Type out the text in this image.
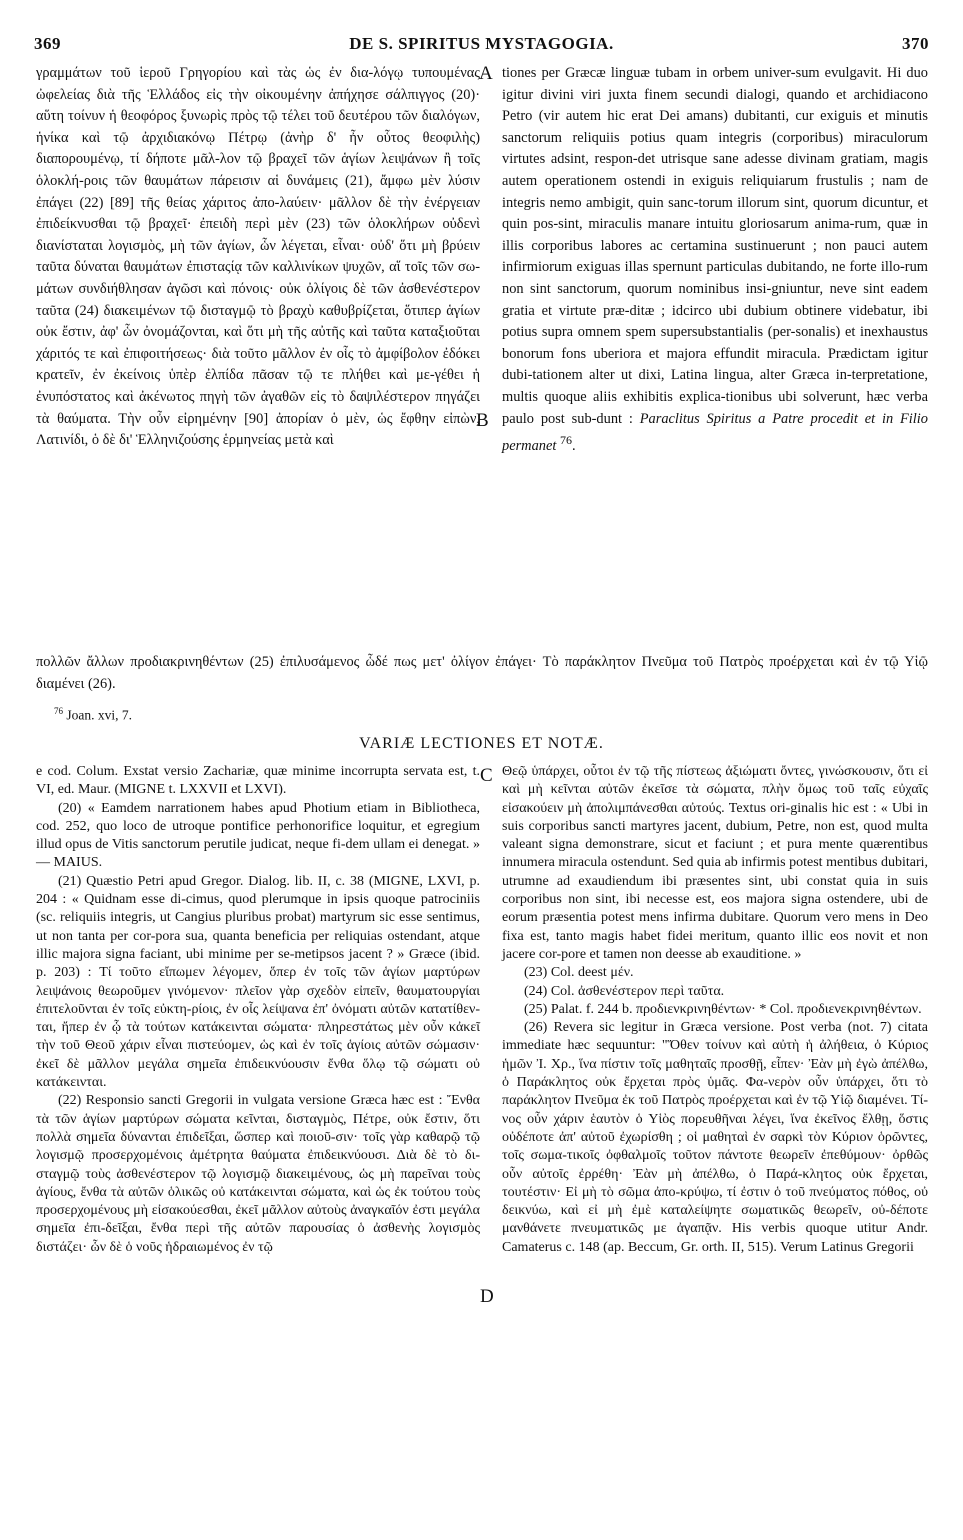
369	DE S. SPIRITUS MYSTAGOGIA.	370

γραμμάτων τοῦ ἱεροῦ Γρηγορίου καὶ τὰς ὡς ἐν δια-λόγῳ τυπουμένας ὠφελείας διὰ τῆς Ἑλλάδος εἰς τὴν οἰκουμένην ἀπήχησε σάλπιγγος (20)· αὕτη τοίνυν ἡ θεοφόρος ξυνωρὶς πρὸς τῷ τέλει τοῦ δευτέρου τῶν διαλόγων, ἡνίκα καὶ τῷ ἀρχιδιακόνῳ Πέτρῳ (ἀνὴρ δ' ἦν οὗτος θεοφιλὴς) διαπορουμένῳ, τί δήποτε μᾶλ-λον τῷ βραχεῖ τῶν ἁγίων λειψάνων ἢ τοῖς ὁλοκλή-ροις τῶν θαυμάτων πάρεισιν αἱ δυνάμεις (21), ἄμφω μὲν λύσιν ἐπάγει (22) [89] τῆς θείας χάριτος ἀπο-λαύειν· μᾶλλον δὲ τὴν ἐνέργειαν ἐπιδείκνυσθαι τῷ βραχεῖ· ἐπειδὴ περὶ μὲν (23) τῶν ὁλοκλήρων οὐδενὶ διανίσταται λογισμὸς, μὴ τῶν ἁγίων, ὧν λέγεται, εἶναι· οὐδ' ὅτι μὴ βρύειν ταῦτα δύναται θαυμάτων ἐπισταςίᾳ τῶν καλλινίκων ψυχῶν, αἵ τοῖς τῶν σω-μάτων συνδιήθλησαν ἀγῶσι καὶ πόνοις· οὐκ ὀλίγοις δὲ τῶν ἀσθενέστερον ταῦτα (24) διακειμένων τῷ δισταγμῷ τὸ βραχὺ καθυβρίζεται, ὅτιπερ ἁγίων οὐκ ἔστιν, ἀφ' ὧν ὀνομάζονται, καὶ ὅτι μὴ τῆς αὐτῆς καὶ ταῦτα καταξιοῦται χάριτός τε καὶ ἐπιφοιτήσεως· διὰ τοῦτο μᾶλλον ἐν οἷς τὸ ἀμφίβολον ἐδόκει κρατεῖν, ἐν ἐκείνοις ὑπὲρ ἐλπίδα πᾶσαν τῷ τε πλήθει καὶ με-γέθει ἡ ἐνυπόστατος καὶ ἀκένωτος πηγὴ τῶν ἀγαθῶν εἰς τὸ δαψιλέστερον πηγάζει τὰ θαύματα. Τὴν οὖν εἰρημένην [90] ἀπορίαν ὁ μὲν, ὡς ἔφθην εἰπὼν, Λατινίδι, ὁ δὲ δι' Ἑλληνιζούσης ἑρμηνείας μετὰ καὶ

A
B

tiones per Græcæ linguæ tubam in orbem univer-sum evulgavit. Hi duo igitur divini viri juxta finem secundi dialogi, quando et archidiacono Petro (vir autem hic erat Dei amans) dubitanti, cur exiguis et minutis sanctorum reliquiis potius quam integris (corporibus) miraculorum virtutes adsint, respon-det utrisque sane adesse divinam gratiam, magis autem operationem ostendi in exiguis reliquiarum frustulis ; nam de integris nemo ambigit, quin sanc-torum illorum sint, quorum dicuntur, et quin pos-sint, miraculis manare intuitu gloriosarum anima-rum, quæ in illis corporibus labores ac certamina sustinuerunt ; non pauci autem infirmiorum exiguas illas spernunt particulas dubitando, ne forte illo-rum non sint sanctorum, quorum nominibus insi-gniuntur, neve sint eadem gratia et virtute præ-ditæ ; idcirco ubi dubium obtinere videbatur, ibi potius supra omnem spem supersubstantialis (per-sonalis) et inexhaustus bonorum fons uberiora et majora effundit miracula. Prædictam igitur dubi-tationem alter ut dixi, Latina lingua, alter Græca in-terpretatione, multis quoque aliis exhibitis explica-tionibus ubi solverunt, hæc verba paulo post sub-dunt : Paraclitus Spiritus a Patre procedit et in Filio permanet $^{76}$.

πολλῶν ἄλλων προδιακρινηθέντων (25) ἐπιλυσάμενος ὧδέ πως μετ' ὀλίγον ἐπάγει· Τὸ παράκλητον Πνεῦμα τοῦ Πατρὸς προέρχεται καὶ ἐν τῷ Υἱῷ διαμένει (26).
$^{76}$ Joan. xvi, 7.
VARIÆ LECTIONES ET NOTÆ.
C
D

e cod. Colum. Exstat versio Zachariæ, quæ minime incorrupta servata est, t. VI, ed. Maur. (MIGNE t. LXXVII et LXVI).

(20) « Eamdem narrationem habes apud Photium etiam in Bibliotheca, cod. 252, quo loco de utroque pontifice perhonorifice loquitur, et egregium illud opus de Vitis sanctorum perutile judicat, neque fi-dem ullam ei denegat. » — MAIUS.

(21) Quæstio Petri apud Gregor. Dialog. lib. II, c. 38 (MIGNE, LXVI, p. 204 : « Quidnam esse di-cimus, quod plerumque in ipsis quoque patrociniis (sc. reliquiis integris, ut Cangius pluribus probat) martyrum sic esse sentimus, ut non tanta per cor-pora sua, quanta beneficia per reliquias ostendant, atque illic majora signa faciant, ubi minime per se-metipsos jacent ? » Græce (ibid. p. 203) : Τί τοῦτο εἴπωμεν λέγομεν, ὅπερ ἐν τοῖς τῶν ἁγίων μαρτύρων λειψάνοις θεωροῦμεν γινόμενον· πλεῖον γὰρ σχεδὸν εἰπεῖν, θαυματουργίαι ἐπιτελοῦνται ἐν τοῖς εὐκτη-ρίοις, ἐν οἷς λείψανα ἐπ' ὀνόματι αὐτῶν κατατίθεν-ται, ἤπερ ἐν ᾧ τὰ τούτων κατάκεινται σώματα· πληρεστάτως μὲν οὖν κἀκεῖ τὴν τοῦ Θεοῦ χάριν εἶναι πιστεύομεν, ὡς καὶ ἐν τοῖς ἁγίοις αὐτῶν σώμασιν· ἐκεῖ δὲ μᾶλλον μεγάλα σημεῖα ἐπιδεικνύουσιν ἔνθα ὅλῳ τῷ σώματι οὐ κατάκεινται.

(22) Responsio sancti Gregorii in vulgata versione Græca hæc est : Ἔνθα τὰ τῶν ἁγίων μαρτύρων σώματα κεῖνται, δισταγμὸς, Πέτρε, οὐκ ἔστιν, ὅτι πολλὰ σημεῖα δύνανται ἐπιδεῖξαι, ὥσπερ καὶ ποιοῦ-σιν· τοῖς γὰρ καθαρῷ τῷ λογισμῷ προσερχομένοις ἀμέτρητα θαύματα ἐπιδεικνύουσι. Διὰ δὲ τὸ δι-σταγμῷ τοὺς ἀσθενέστερον τῷ λογισμῷ διακειμένους, ὡς μὴ παρεῖναι τοὺς ἁγίους, ἔνθα τὰ αὐτῶν ὁλικῶς οὐ κατάκεινται σώματα, καὶ ὡς ἐκ τούτου τοὺς προσερχομένους μὴ εἰσακούεσθαι, ἐκεῖ μᾶλλον αὐτοὺς ἀναγκαῖόν ἐστι μεγάλα σημεῖα ἐπι-δεῖξαι, ἔνθα περὶ τῆς αὐτῶν παρουσίας ὁ ἀσθενὴς λογισμὸς διστάζει· ὧν δὲ ὁ νοῦς ἡδραιωμένος ἐν τῷ

Θεῷ ὑπάρχει, οὗτοι ἐν τῷ τῆς πίστεως ἀξιώματι ὄντες, γινώσκουσιν, ὅτι εἰ καὶ μὴ κεῖνται αὐτῶν ἐκεῖσε τὰ σώματα, πλὴν ὅμως τοῦ ταῖς εὐχαῖς εἰσακούειν μὴ ἀπολιμπάνεσθαι αὐτούς. Textus ori-ginalis hic est : « Ubi in suis corporibus sancti martyres jacent, dubium, Petre, non est, quod multa valeant signa demonstrare, sicut et faciunt ; et pura mente quærentibus innumera miracula ostendunt. Sed quia ab infirmis potest mentibus dubitari, utrumne ad exaudiendum ibi præsentes sint, ubi constat quia in suis corporibus non sint, ibi necesse est, eos majora signa ostendere, ubi de eorum præsentia potest mens infirma dubitare. Quorum vero mens in Deo fixa est, tanto magis habet fidei meritum, quanto illic eos novit et non jacere cor-pore et tamen non deesse ab exauditione. »

(23) Col. deest μέν.

(24) Col. ἀσθενέστερον περὶ ταῦτα.

(25) Palat. f. 244 b. προδιενκρινηθέντων· * Col. προδιενεκρινηθέντων.

(26) Revera sic legitur in Græca versione. Post verba (not. 7) citata immediate hæc sequuntur: "Ὅθεν τοίνυν καὶ αὐτὴ ἡ ἀλήθεια, ὁ Κύριος ἡμῶν Ἰ. Χρ., ἵνα πίστιν τοῖς μαθηταῖς προσθῇ, εἶπεν· Ἐὰν μὴ ἐγὼ ἀπέλθω, ὁ Παράκλητος οὐκ ἔρχεται πρὸς ὑμᾶς. Φα-νερὸν οὖν ὑπάρχει, ὅτι τὸ παράκλητον Πνεῦμα ἐκ τοῦ Πατρὸς προέρχεται καὶ ἐν τῷ Υἱῷ διαμένει. Τί-νος οὖν χάριν ἑαυτὸν ὁ Υἱὸς πορευθῆναι λέγει, ἵνα ἐκεῖνος ἔλθῃ, ὅστις οὐδέποτε ἀπ' αὐτοῦ ἐχωρίσθη ; οἱ μαθηταὶ ἐν σαρκὶ τὸν Κύριον ὁρῶντες, τοῖς σωμα-τικοῖς ὀφθαλμοῖς τοῦτον πάντοτε θεωρεῖν ἐπεθύμουν· ὀρθῶς οὖν αὐτοῖς ἐρρέθη· Ἐὰν μὴ ἀπέλθω, ὁ Παρά-κλητος οὐκ ἔρχεται, τουτέστιν· Εἰ μὴ τὸ σῶμα ἀπο-κρύψω, τί ἐστιν ὁ τοῦ πνεύματος πόθος, οὐ δεικνύω, καὶ εἰ μὴ ἐμὲ καταλείψητε σωματικῶς θεωρεῖν, οὐ-δέποτε μανθάνετε πνευματικῶς με ἀγαπᾷν. His verbis quoque utitur Andr. Camaterus c. 148 (ap. Beccum, Gr. orth. II, 515). Verum Latinus Gregorii
